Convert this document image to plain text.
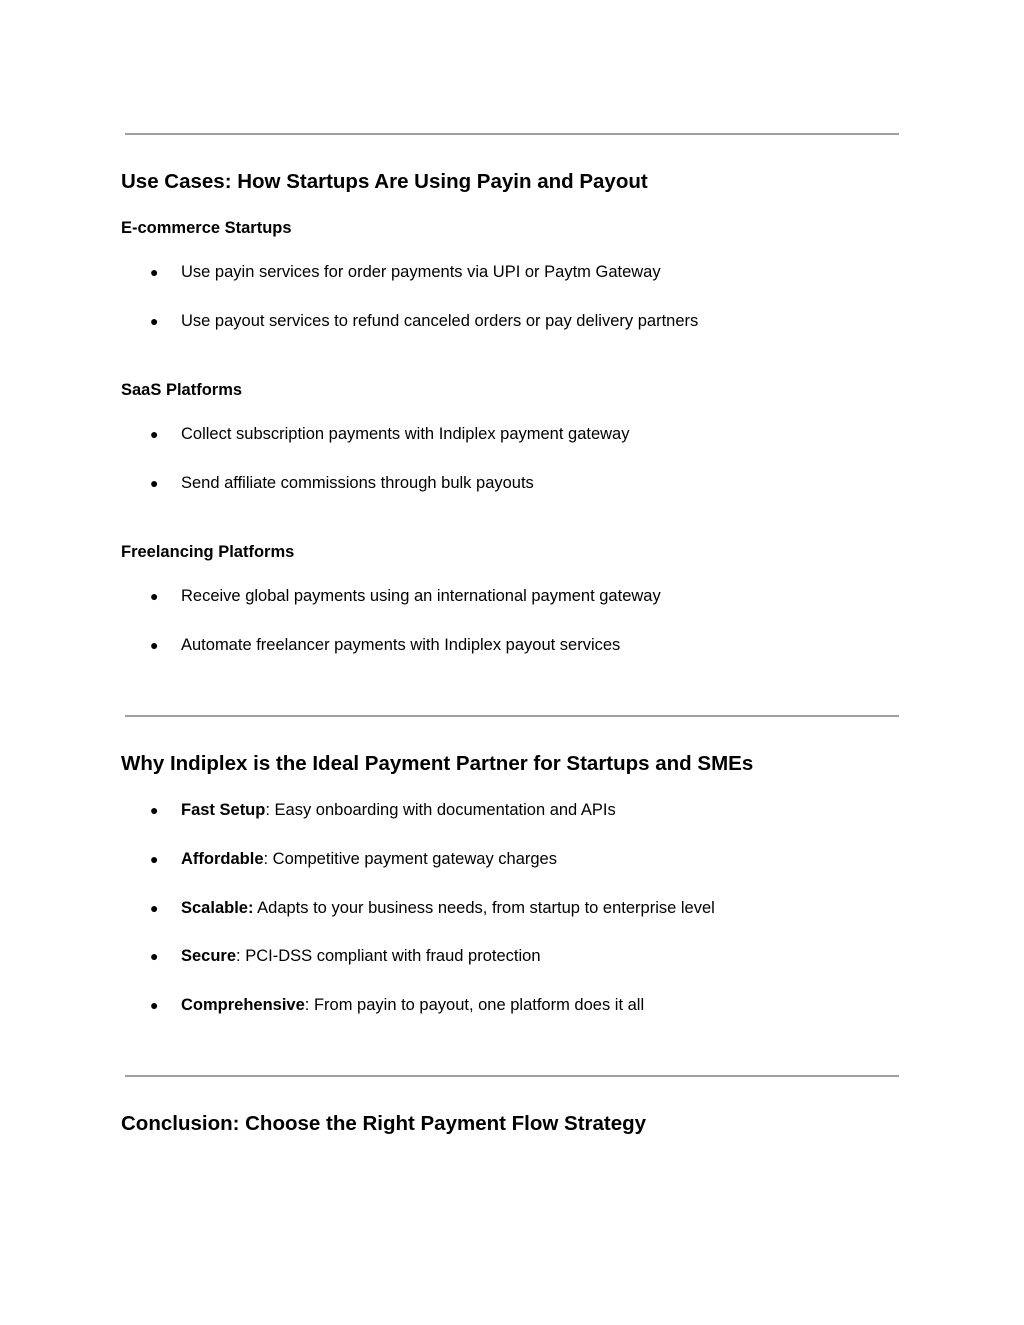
Use Cases: How Startups Are Using Payin and Payout
E-commerce Startups
● Use payin services for order payments via UPI or Paytm Gateway
● Use payout services to refund canceled orders or pay delivery partners
SaaS Platforms
● Collect subscription payments with Indiplex payment gateway
● Send affiliate commissions through bulk payouts
Freelancing Platforms
● Receive global payments using an international payment gateway
● Automate freelancer payments with Indiplex payout services
Why Indiplex is the Ideal Payment Partner for Startups and SMEs
● Fast Setup: Easy onboarding with documentation and APIs
● Affordable: Competitive payment gateway charges
● Scalable: Adapts to your business needs, from startup to enterprise level
● Secure: PCI-DSS compliant with fraud protection
● Comprehensive: From payin to payout, one platform does it all
Conclusion: Choose the Right Payment Flow Strategy
